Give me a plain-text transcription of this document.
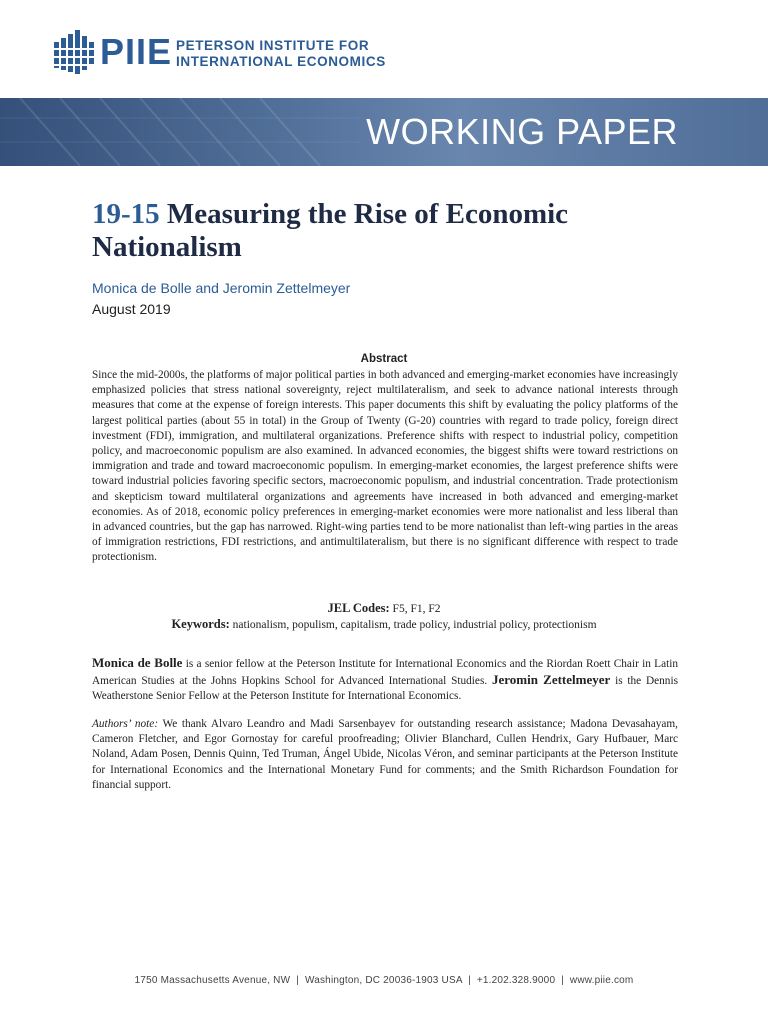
PIIE PETERSON INSTITUTE FOR
INTERNATIONAL ECONOMICS
WORKING PAPER
19-15 Measuring the Rise of Economic
Nationalism
Monica de Bolle and Jeromin Zettelmeyer
August 2019
Abstract

Since the mid-2000s, the platforms of major political parties in both advanced and emerging-market economies have increasingly emphasized policies that stress national sovereignty, reject multilateralism, and seek to advance national interests through measures that come at the expense of foreign interests. This paper documents this shift by evaluating the policy platforms of the largest political parties (about 55 in total) in the Group of Twenty (G-20) countries with regard to trade policy, foreign direct investment (FDI), immigration, and multilateral organizations. Preference shifts with respect to industrial policy, competition policy, and macroeconomic populism are also examined. In advanced economies, the biggest shifts were toward restrictions on immigration and trade and toward macroeconomic populism. In emerging-market economies, the largest preference shifts were toward industrial policies favoring specific sectors, macroeconomic populism, and industrial concentration. Trade protectionism and skepticism toward multilateral organizations and agreements have increased in both advanced and emerging-market economies. As of 2018, economic policy preferences in emerging-market economies were more nationalist and less liberal than in advanced countries, but the gap has narrowed. Right-wing parties tend to be more nationalist than left-wing parties in the areas of immigration restrictions, FDI restrictions, and antimultilateralism, but there is no significant difference with respect to trade protectionism.

JEL Codes: F5, F1, F2
Keywords: nationalism, populism, capitalism, trade policy, industrial policy, protectionism

Monica de Bolle is a senior fellow at the Peterson Institute for International Economics and the Riordan Roett Chair in Latin American Studies at the Johns Hopkins School for Advanced International Studies. Jeromin Zettelmeyer is the Dennis Weatherstone Senior Fellow at the Peterson Institute for International Economics.

Authors’ note: We thank Alvaro Leandro and Madi Sarsenbayev for outstanding research assistance; Madona Devasahayam, Cameron Fletcher, and Egor Gornostay for careful proofreading; Olivier Blanchard, Cullen Hendrix, Gary Hufbauer, Marc Noland, Adam Posen, Dennis Quinn, Ted Truman, Ángel Ubide, Nicolas Véron, and seminar participants at the Peterson Institute for International Economics and the International Monetary Fund for comments; and the Smith Richardson Foundation for financial support.

1750 Massachusetts Avenue, NW  |  Washington, DC 20036-1903 USA  |  +1.202.328.9000  |  www.piie.com
